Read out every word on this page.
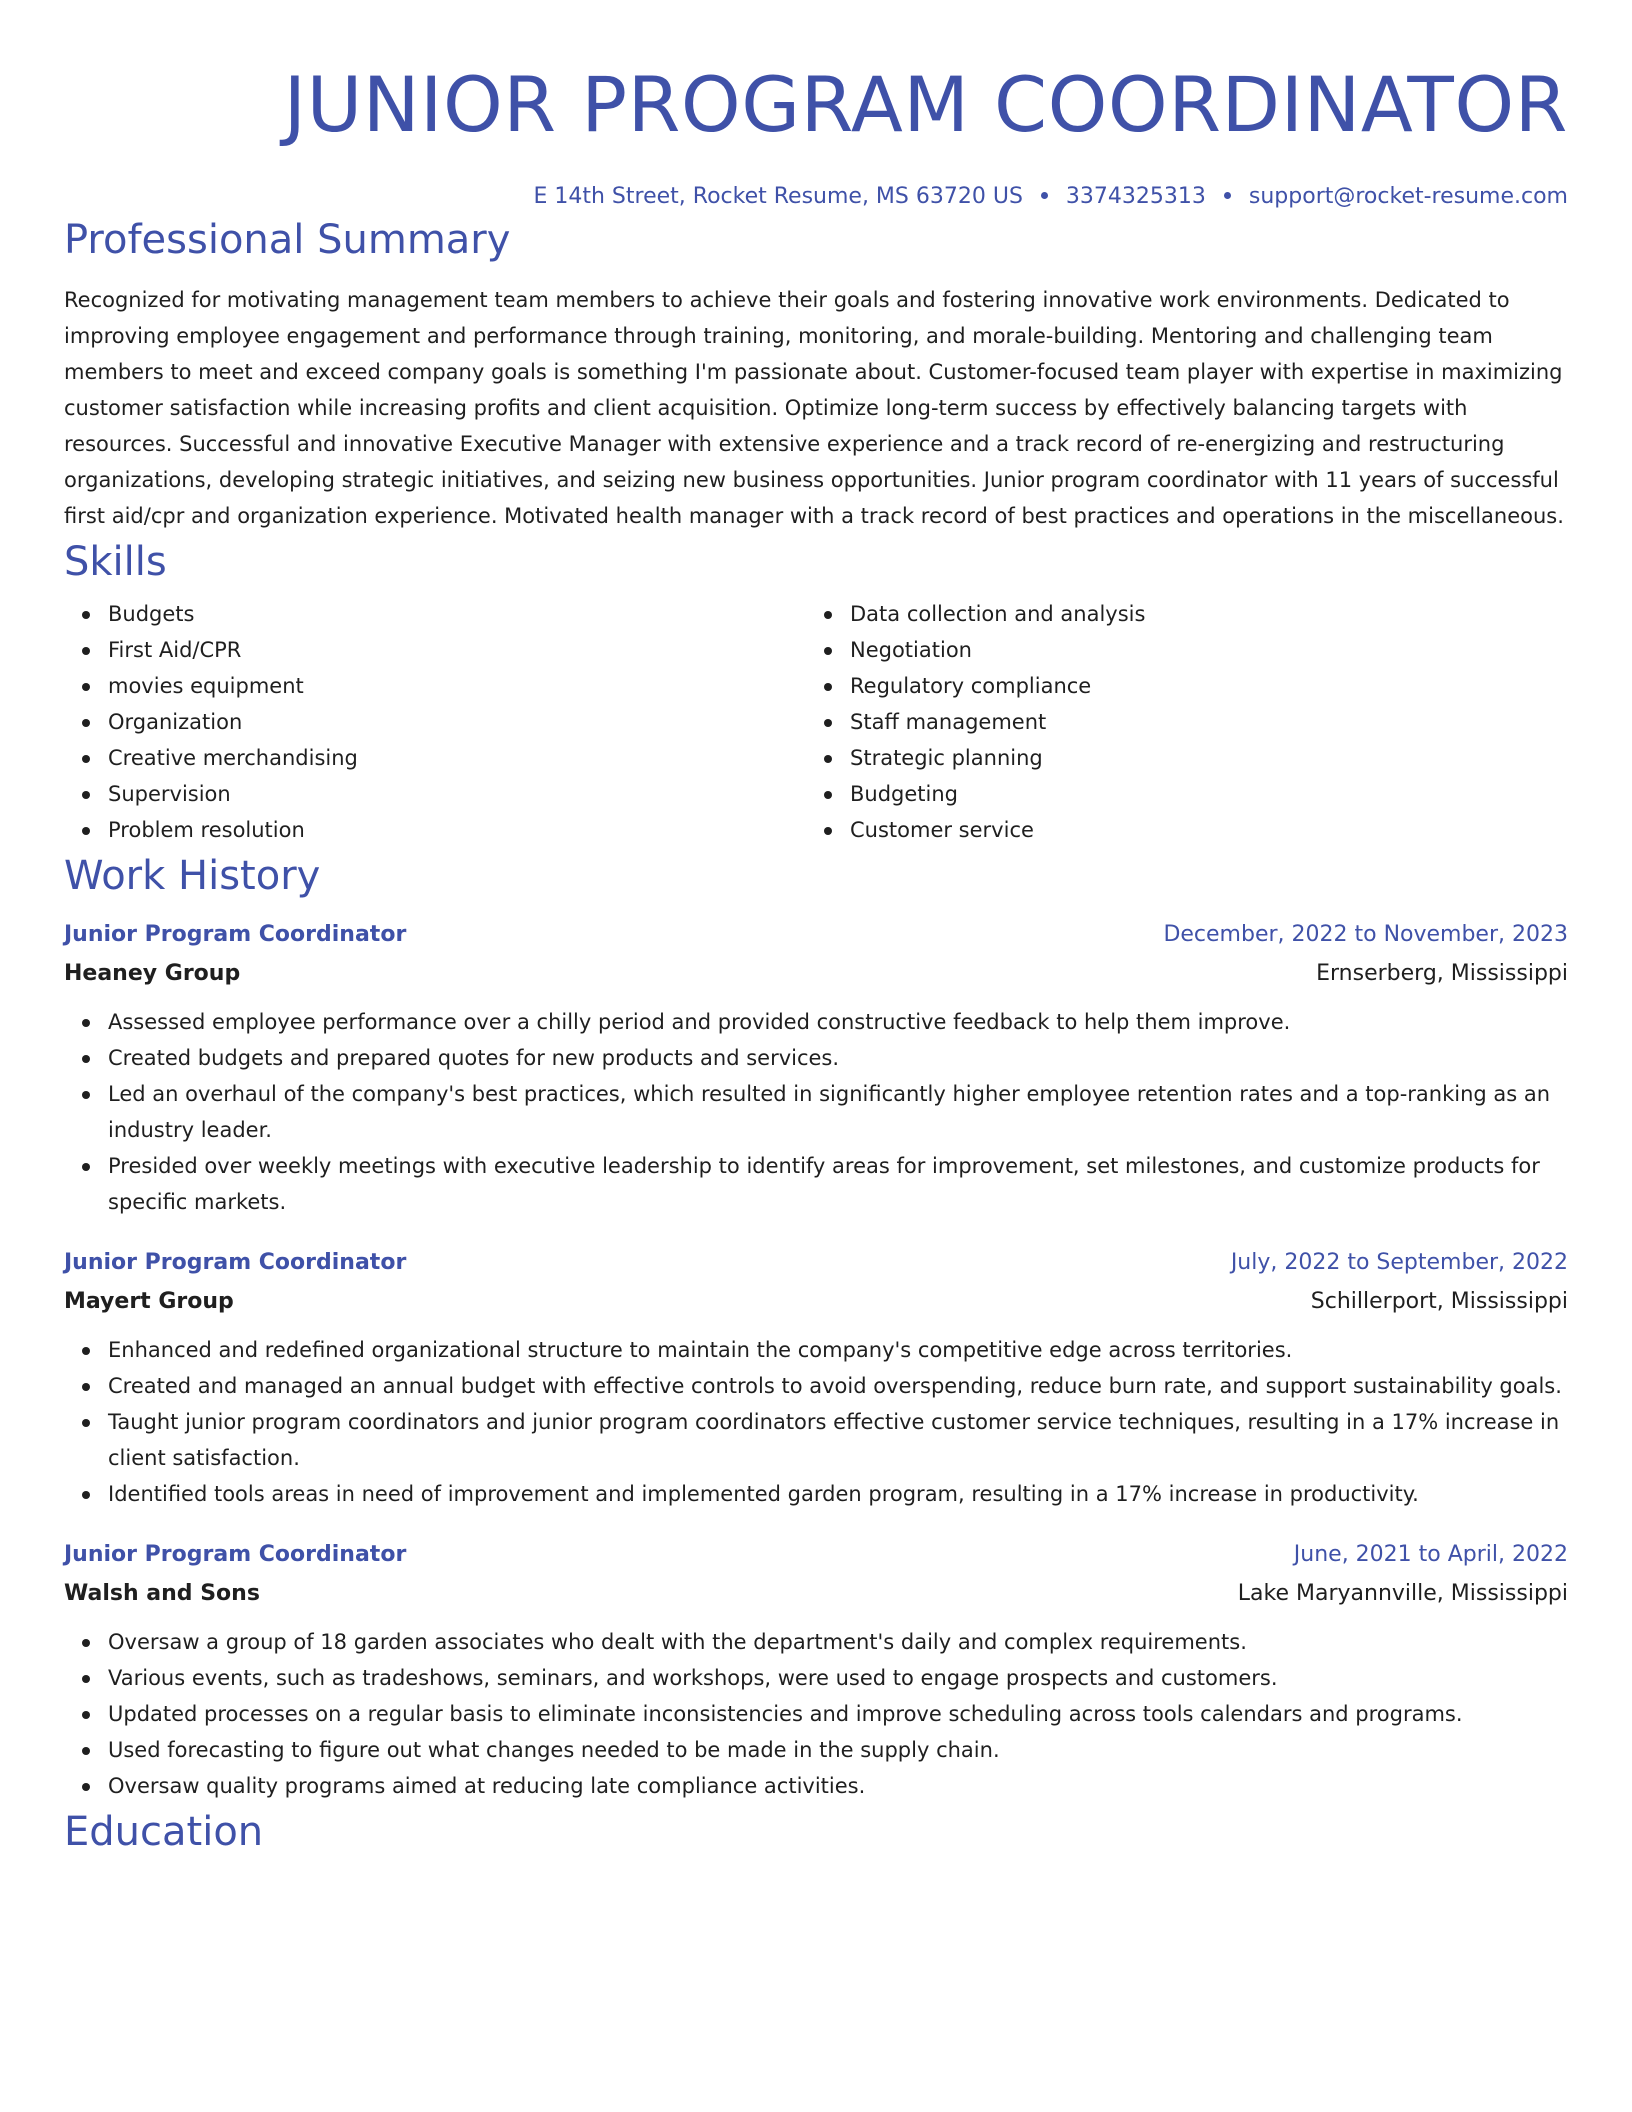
JUNIOR PROGRAM COORDINATOR
E 14th Street, Rocket Resume, MS 63720 US 3374325313 support@rocket-resume.com
Professional Summary

Recognized for motivating management team members to achieve their goals and fostering innovative work environments. Dedicated to improving employee engagement and performance through training, monitoring, and morale-building. Mentoring and challenging team members to meet and exceed company goals is something I'm passionate about. Customer-focused team player with expertise in maximizing customer satisfaction while increasing profits and client acquisition. Optimize long-term success by effectively balancing targets with resources. Successful and innovative Executive Manager with extensive experience and a track record of re-energizing and restructuring organizations, developing strategic initiatives, and seizing new business opportunities. Junior program coordinator with 11 years of successful first aid/cpr and organization experience. Motivated health manager with a track record of best practices and operations in the miscellaneous.

Skills
Budgets
First Aid/CPR
movies equipment
Organization
Creative merchandising
Supervision
Problem resolution
Data collection and analysis
Negotiation
Regulatory compliance
Staff management
Strategic planning
Budgeting
Customer service
Work History
Junior Program Coordinator	December, 2022 to November, 2023
Heaney Group	Ernserberg, Mississippi
Assessed employee performance over a chilly period and provided constructive feedback to help them improve.
Created budgets and prepared quotes for new products and services.
Led an overhaul of the company's best practices, which resulted in significantly higher employee retention rates and a top-ranking as an industry leader.
Presided over weekly meetings with executive leadership to identify areas for improvement, set milestones, and customize products for specific markets.
Junior Program Coordinator	July, 2022 to September, 2022
Mayert Group	Schillerport, Mississippi
Enhanced and redefined organizational structure to maintain the company's competitive edge across territories.
Created and managed an annual budget with effective controls to avoid overspending, reduce burn rate, and support sustainability goals.
Taught junior program coordinators and junior program coordinators effective customer service techniques, resulting in a 17% increase in client satisfaction.
Identified tools areas in need of improvement and implemented garden program, resulting in a 17% increase in productivity.
Junior Program Coordinator	June, 2021 to April, 2022
Walsh and Sons	Lake Maryannville, Mississippi
Oversaw a group of 18 garden associates who dealt with the department's daily and complex requirements.
Various events, such as tradeshows, seminars, and workshops, were used to engage prospects and customers.
Updated processes on a regular basis to eliminate inconsistencies and improve scheduling across tools calendars and programs.
Used forecasting to figure out what changes needed to be made in the supply chain.
Oversaw quality programs aimed at reducing late compliance activities.
Education
